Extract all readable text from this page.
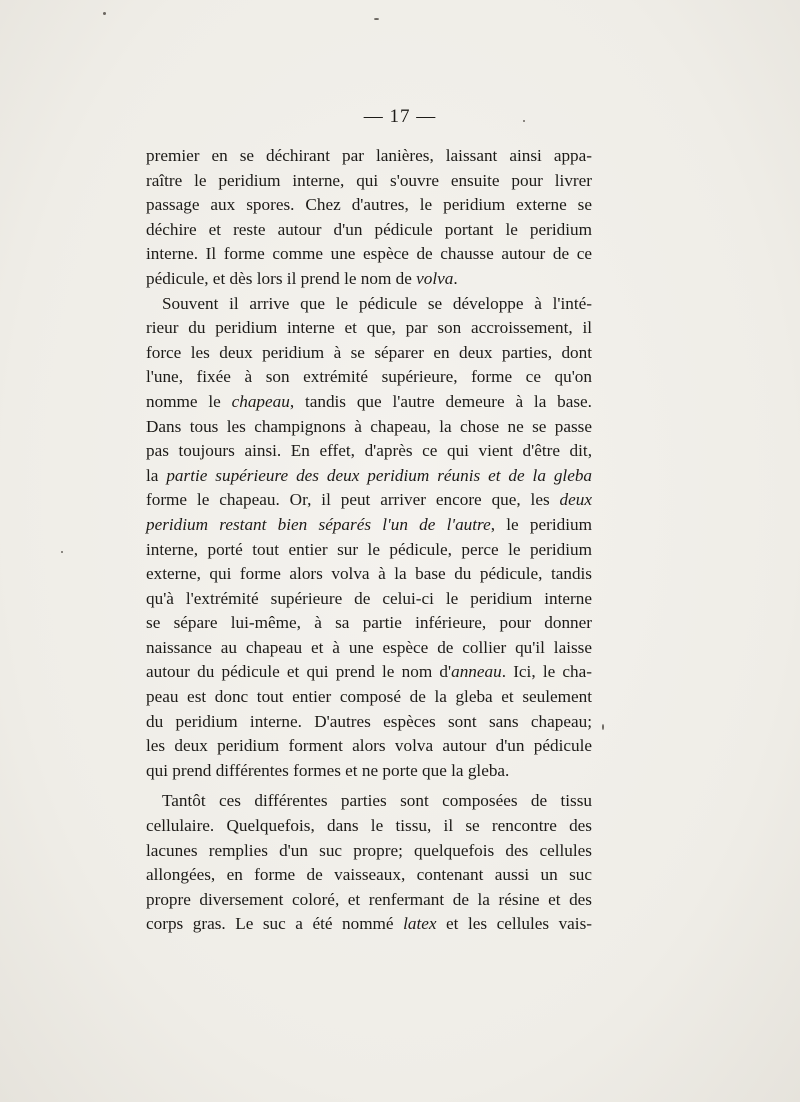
— 17 —
premier en se déchirant par lanières, laissant ainsi appa-
raître le peridium interne, qui s'ouvre ensuite pour livrer
passage aux spores. Chez d'autres, le peridium externe se
déchire et reste autour d'un pédicule portant le peridium
interne. Il forme comme une espèce de chausse autour de ce
pédicule, et dès lors il prend le nom de volva.
Souvent il arrive que le pédicule se développe à l'inté-
rieur du peridium interne et que, par son accroissement, il
force les deux peridium à se séparer en deux parties, dont
l'une, fixée à son extrémité supérieure, forme ce qu'on
nomme le chapeau, tandis que l'autre demeure à la base.
Dans tous les champignons à chapeau, la chose ne se passe
pas toujours ainsi. En effet, d'après ce qui vient d'être dit,
la partie supérieure des deux peridium réunis et de la gleba
forme le chapeau. Or, il peut arriver encore que, les deux
peridium restant bien séparés l'un de l'autre, le peridium
interne, porté tout entier sur le pédicule, perce le peridium
externe, qui forme alors volva à la base du pédicule, tandis
qu'à l'extrémité supérieure de celui-ci le peridium interne
se sépare lui-même, à sa partie inférieure, pour donner
naissance au chapeau et à une espèce de collier qu'il laisse
autour du pédicule et qui prend le nom d'anneau. Ici, le cha-
peau est donc tout entier composé de la gleba et seulement
du peridium interne. D'autres espèces sont sans chapeau;
les deux peridium forment alors volva autour d'un pédicule
qui prend différentes formes et ne porte que la gleba.
Tantôt ces différentes parties sont composées de tissu
cellulaire. Quelquefois, dans le tissu, il se rencontre des
lacunes remplies d'un suc propre; quelquefois des cellules
allongées, en forme de vaisseaux, contenant aussi un suc
propre diversement coloré, et renfermant de la résine et des
corps gras. Le suc a été nommé latex et les cellules vais-
